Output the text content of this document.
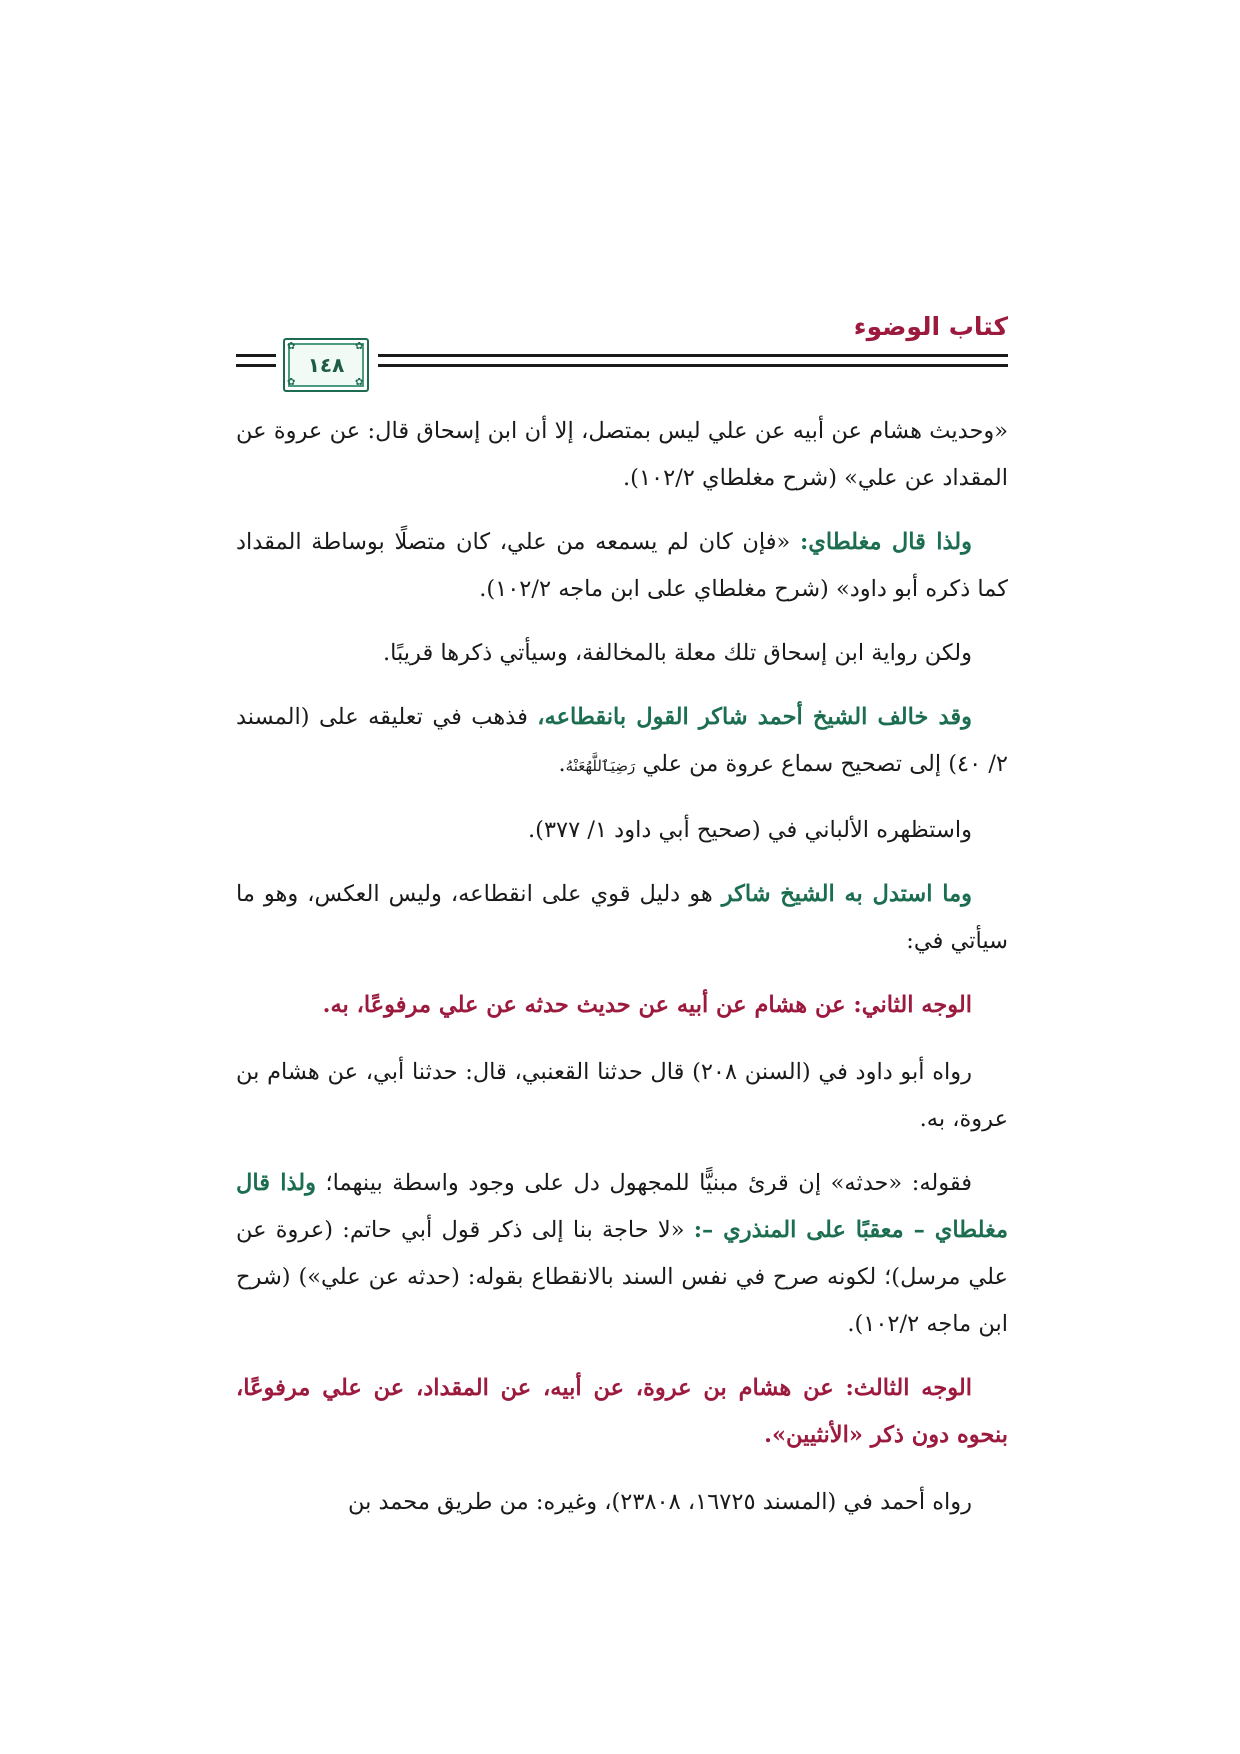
كتاب الوضوء
✿	✿
✿	✿
١٤٨

«وحديث هشام عن أبيه عن علي ليس بمتصل، إلا أن ابن إسحاق قال: عن عروة عن المقداد عن علي» (شرح مغلطاي ١٠٢/٢).

ولذا قال مغلطاي: «فإن كان لم يسمعه من علي، كان متصلًا بوساطة المقداد كما ذكره أبو داود» (شرح مغلطاي على ابن ماجه ١٠٢/٢).

ولكن رواية ابن إسحاق تلك معلة بالمخالفة، وسيأتي ذكرها قريبًا.

وقد خالف الشيخ أحمد شاكر القول بانقطاعه، فذهب في تعليقه على (المسند ٢/ ٤٠) إلى تصحيح سماع عروة من علي رَضِيَٱللَّهُعَنْهُ.

واستظهره الألباني في (صحيح أبي داود ١/ ٣٧٧).

وما استدل به الشيخ شاكر هو دليل قوي على انقطاعه، وليس العكس، وهو ما سيأتي في:

الوجه الثاني: عن هشام عن أبيه عن حديث حدثه عن علي مرفوعًا، به.

رواه أبو داود في (السنن ٢٠٨) قال حدثنا القعنبي، قال: حدثنا أبي، عن هشام بن عروة، به.

فقوله: «حدثه» إن قرئ مبنيًّا للمجهول دل على وجود واسطة بينهما؛ ولذا قال مغلطاي – معقبًا على المنذري –: «لا حاجة بنا إلى ذكر قول أبي حاتم: (عروة عن علي مرسل)؛ لكونه صرح في نفس السند بالانقطاع بقوله: (حدثه عن علي») (شرح ابن ماجه ١٠٢/٢).

الوجه الثالث: عن هشام بن عروة، عن أبيه، عن المقداد، عن علي مرفوعًا، بنحوه دون ذكر «الأنثيين».

رواه أحمد في (المسند ١٦٧٢٥، ٢٣٨٠٨)، وغيره: من طريق محمد بن
